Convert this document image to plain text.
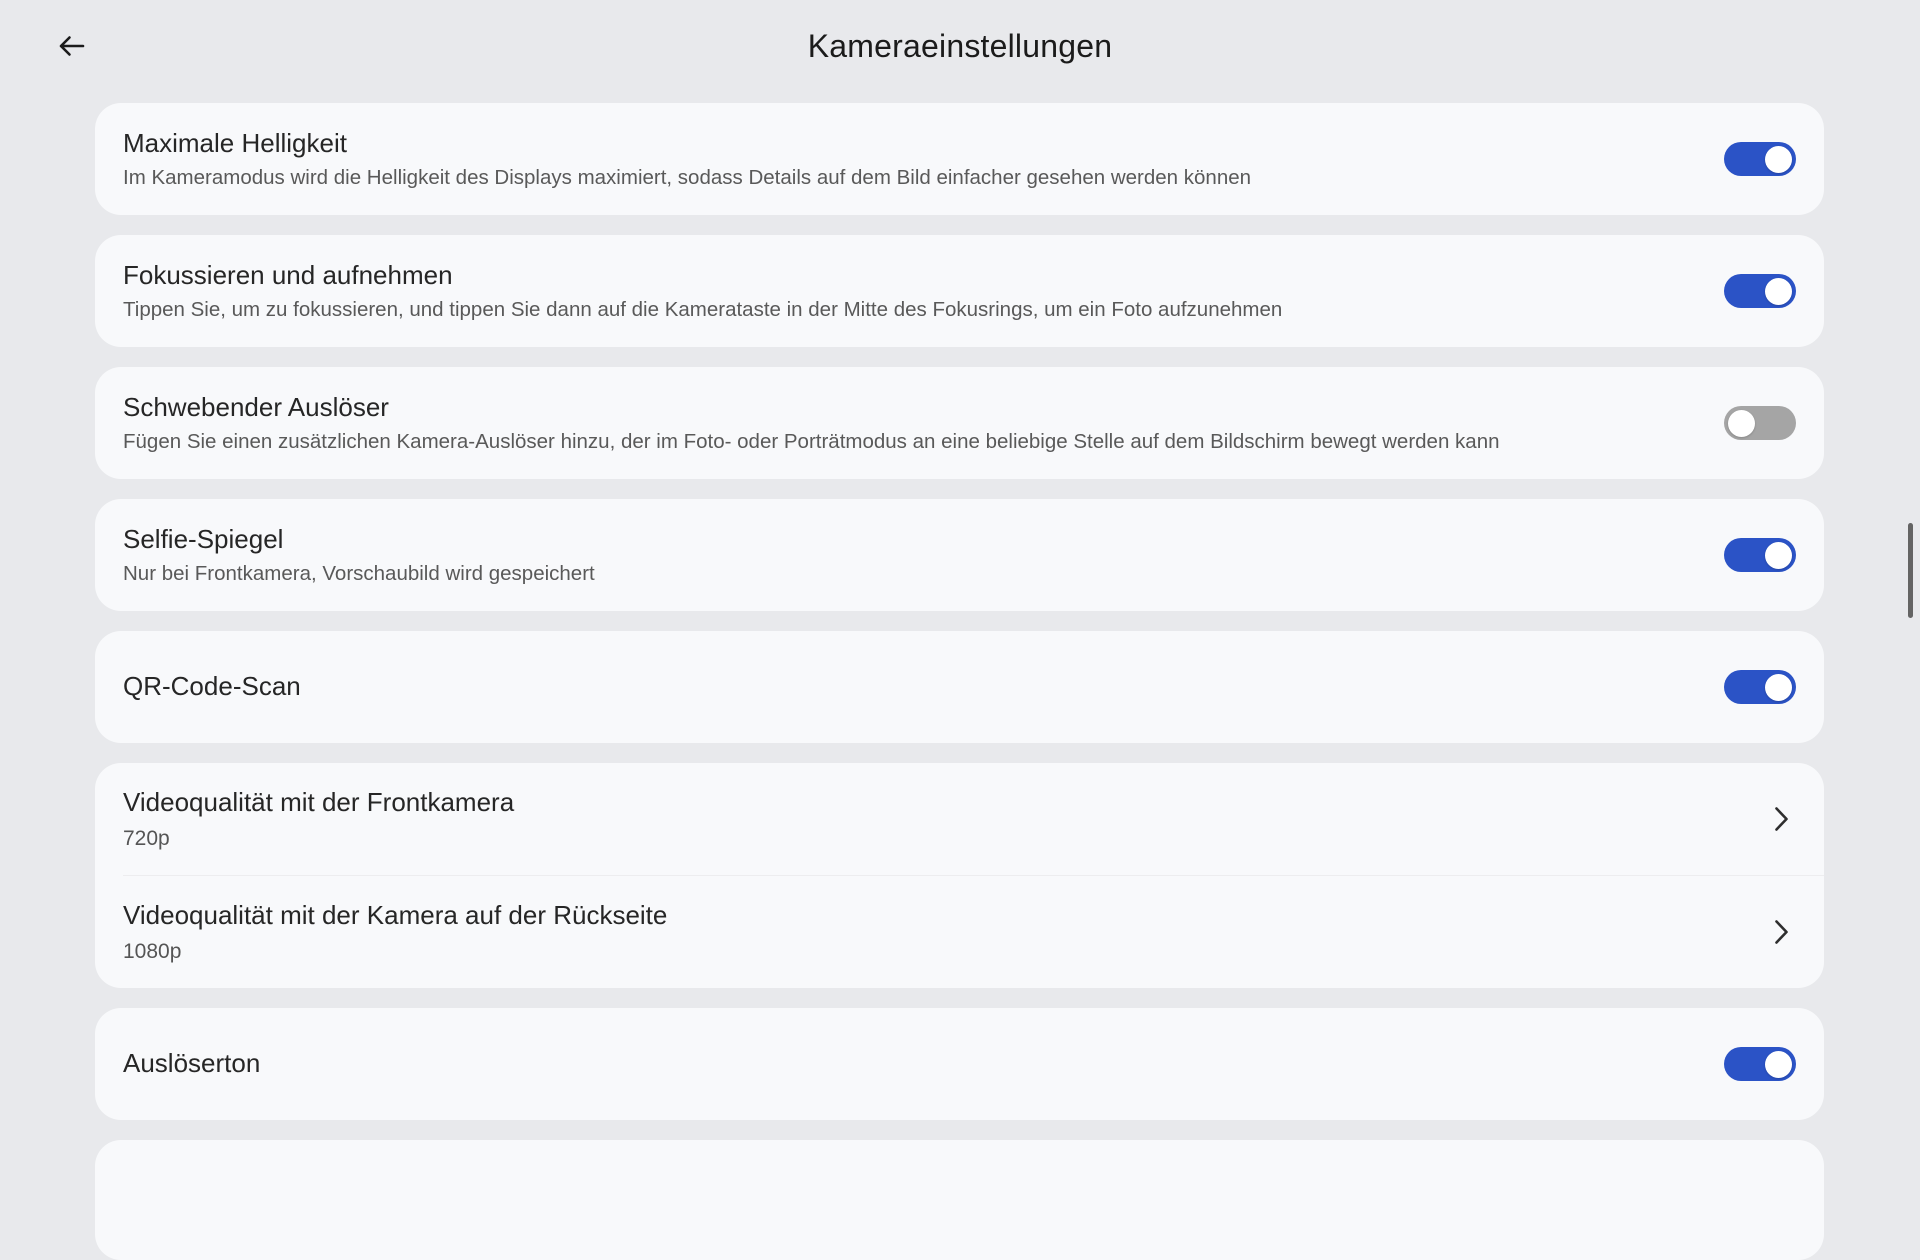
Kameraeinstellungen
Maximale Helligkeit
Im Kameramodus wird die Helligkeit des Displays maximiert, sodass Details auf dem Bild einfacher gesehen werden können
Fokussieren und aufnehmen
Tippen Sie, um zu fokussieren, und tippen Sie dann auf die Kamerataste in der Mitte des Fokusrings, um ein Foto aufzunehmen
Schwebender Auslöser
Fügen Sie einen zusätzlichen Kamera-Auslöser hinzu, der im Foto- oder Porträtmodus an eine beliebige Stelle auf dem Bildschirm bewegt werden kann
Selfie-Spiegel
Nur bei Frontkamera, Vorschaubild wird gespeichert
QR-Code-Scan
Videoqualität mit der Frontkamera
720p
Videoqualität mit der Kamera auf der Rückseite
1080p
Auslöserton
